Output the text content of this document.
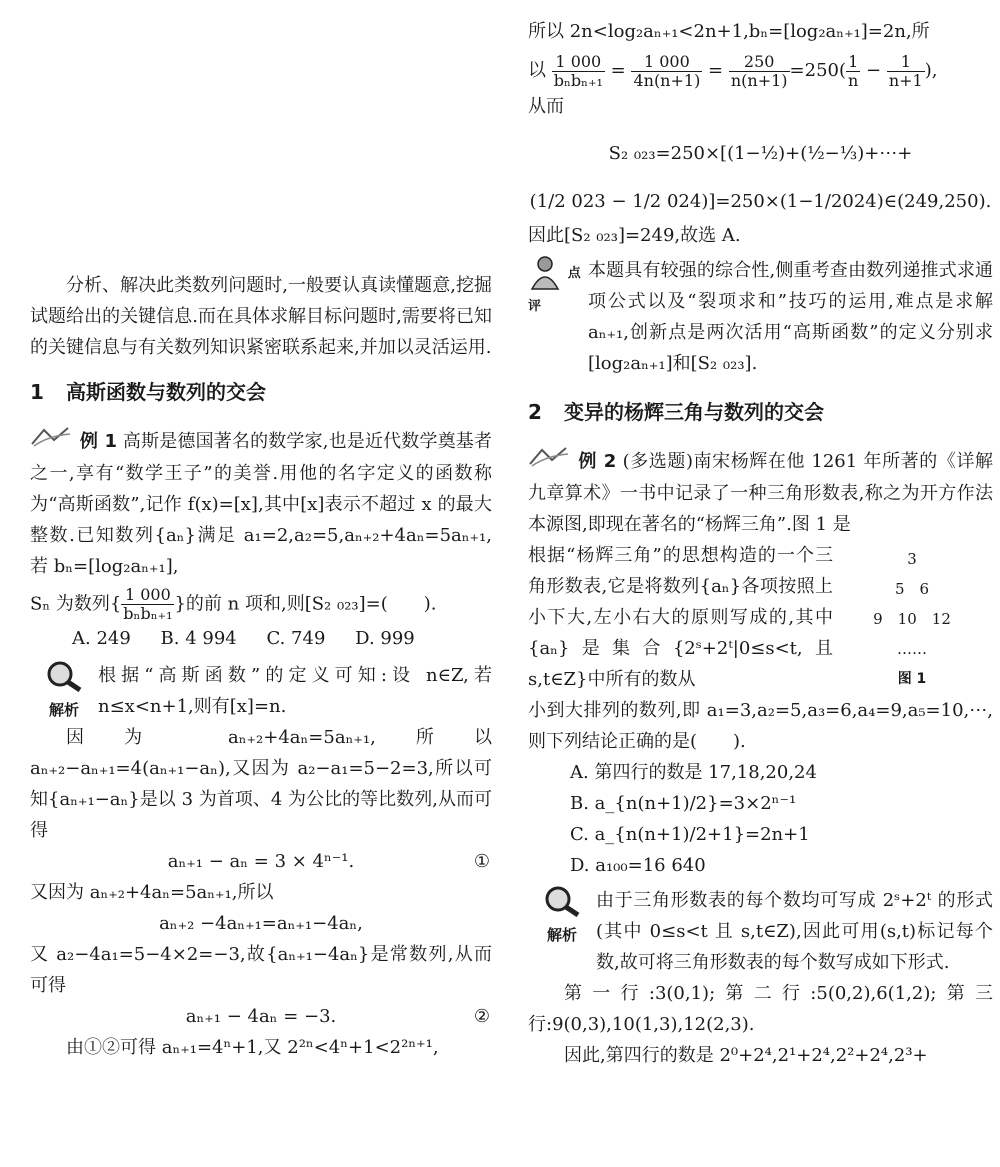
分析、解决此类数列问题时,一般要认真读懂题意,挖掘试题给出的关键信息.而在具体求解目标问题时,需要将已知的关键信息与有关数列知识紧密联系起来,并加以灵活运用.

1 高斯函数与数列的交会

例 1 高斯是德国著名的数学家,也是近代数学奠基者之一,享有“数学王子”的美誉.用他的名字定义的函数称为“高斯函数”,记作 f(x)=[x],其中[x]表示不超过 x 的最大整数.已知数列{aₙ}满足 a₁=2,a₂=5,aₙ₊₂+4aₙ=5aₙ₊₁,若 bₙ=[log₂aₙ₊₁],

Sₙ 为数列{ $\frac{1 000}{\text{bₙbₙ₊₁}}$ }的前 n 项和,则[S₂ ₀₂₃]=(　　).

A. 249 B. 4 994 C. 749 D. 999

解析

根据“高斯函数”的定义可知:设 n∈Z,若 n≤x<n+1,则有[x]=n.

因为 aₙ₊₂+4aₙ=5aₙ₊₁,所以 aₙ₊₂−aₙ₊₁=4(aₙ₊₁−aₙ),又因为 a₂−a₁=5−2=3,所以可知{aₙ₊₁−aₙ}是以 3 为首项、4 为公比的等比数列,从而可得

aₙ₊₁ − aₙ = 3 × 4ⁿ⁻¹.	①

又因为 aₙ₊₂+4aₙ=5aₙ₊₁,所以

aₙ₊₂ −4aₙ₊₁=aₙ₊₁−4aₙ,

又 a₂−4a₁=5−4×2=−3,故{aₙ₊₁−4aₙ}是常数列,从而可得

aₙ₊₁ − 4aₙ = −3.	②

由①②可得 aₙ₊₁=4ⁿ+1,又 2²ⁿ<4ⁿ+1<2²ⁿ⁺¹,

所以 2n<log₂aₙ₊₁<2n+1,bₙ=[log₂aₙ₊₁]=2n,所

以 $\frac{1 000}{\text{bₙbₙ₊₁}} = \frac{1 000}{4n(n+1)} = \frac{250}{n(n+1)} =250( \frac{1}{n} - \frac{1}{n+1}$ ),

从而

S₂ ₀₂₃=250×[(1−½)+(½−⅓)+⋯+

(1/2 023 − 1/2 024)]=250×(1−1/2024)∈(249,250).

因此[S₂ ₀₂₃]=249,故选 A.

$^{点评}$

本题具有较强的综合性,侧重考查由数列递推式求通项公式以及“裂项求和”技巧的运用,难点是求解 aₙ₊₁,创新点是两次活用“高斯函数”的定义分别求[log₂aₙ₊₁]和[S₂ ₀₂₃].

2 变异的杨辉三角与数列的交会

例 2 (多选题)南宋杨辉在他 1261 年所著的《详解九章算术》一书中记录了一种三角形数表,称之为开方作法本源图,即现在著名的“杨辉三角”.图 1 是

根据“杨辉三角”的思想构造的一个三角形数表,它是将数列{aₙ}各项按照上小下大,左小右大的原则写成的,其中{aₙ}是集合{2ˢ+2ᵗ|0≤s<t,且 s,t∈Z}中所有的数从

3
5　6
9　10　12
……
图 1

小到大排列的数列,即 a₁=3,a₂=5,a₃=6,a₄=9,a₅=10,⋯,则下列结论正确的是(　　).

A. 第四行的数是 17,18,20,24
B. a_{n(n+1)/2}=3×2ⁿ⁻¹
C. a_{n(n+1)/2+1}=2n+1
D. a₁₀₀=16 640
解析

由于三角形数表的每个数均可写成 2ˢ+2ᵗ 的形式(其中 0≤s<t 且 s,t∈Z),因此可用(s,t)标记每个数,故可将三角形数表的每个数写成如下形式.

第一行:3(0,1);第二行:5(0,2),6(1,2);第三行:9(0,3),10(1,3),12(2,3).

因此,第四行的数是 2⁰+2⁴,2¹+2⁴,2²+2⁴,2³+
